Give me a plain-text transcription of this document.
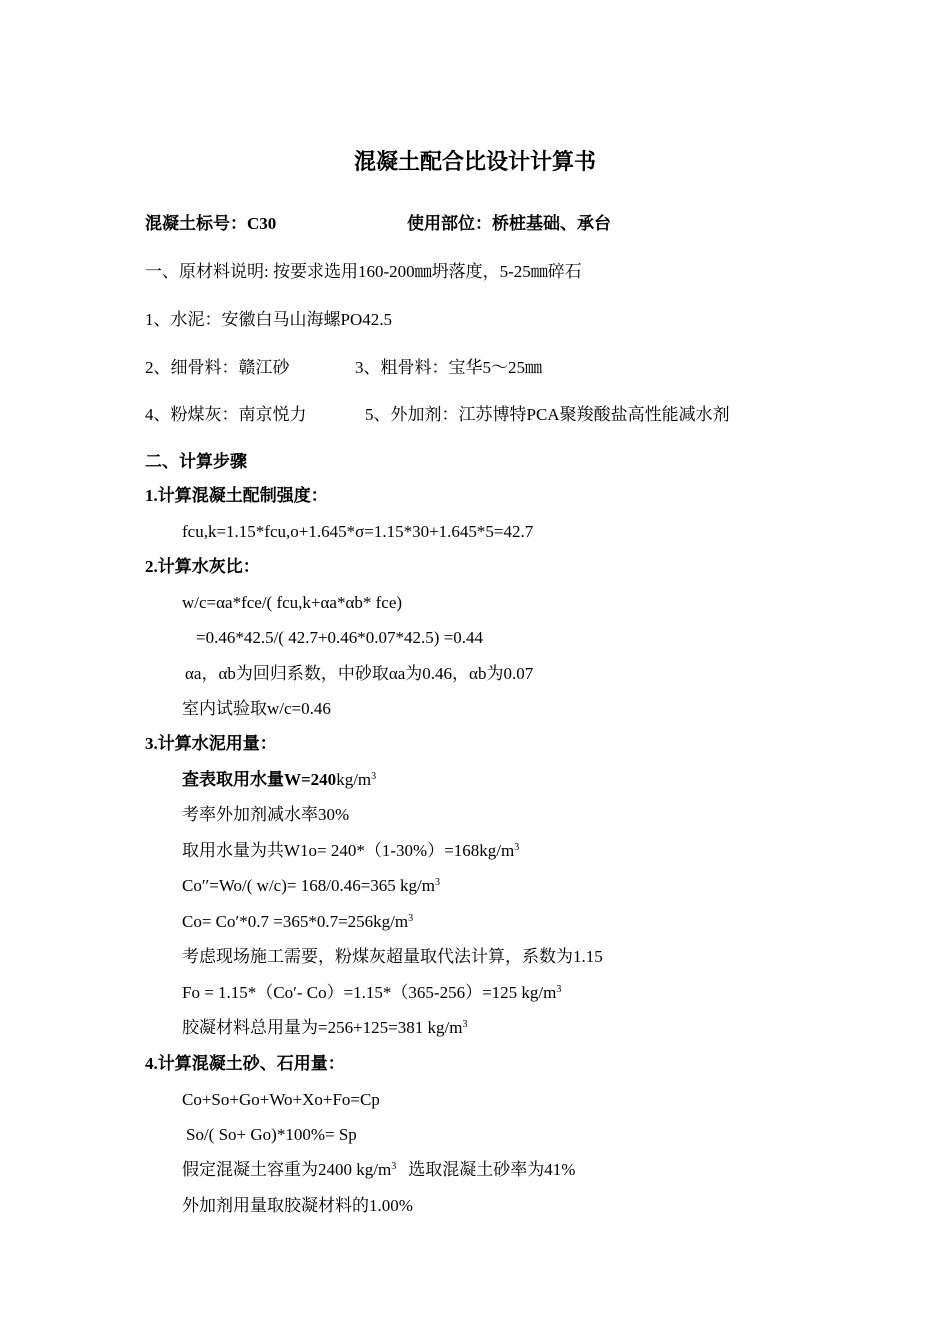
混凝土配合比设计计算书
混凝土标号：C30	使用部位：桥桩基础、承台
一、原材料说明: 按要求选用160-200㎜坍落度，5-25㎜碎石
1、水泥：安徽白马山海螺PO42.5
2、细骨料：赣江砂	3、粗骨料：宝华5～25㎜
4、粉煤灰：南京悦力	5、外加剂：江苏博特PCA聚羧酸盐高性能减水剂
二、计算步骤
1.计算混凝土配制强度：
fcu,k=1.15*fcu,o+1.645*σ=1.15*30+1.645*5=42.7
2.计算水灰比：
w/c=αa*fce/( fcu,k+αa*αb* fce)
=0.46*42.5/( 42.7+0.46*0.07*42.5) =0.44
αa，αb为回归系数，中砂取αa为0.46，αb为0.07
室内试验取w/c=0.46
3.计算水泥用量：
查表取用水量$W=240kg/m^3$
考率外加剂减水率30%
取用水量为共$W1o= 240*(1-30\%)=168kg/m^3$
Co′′=Wo/( w/c)= 168/0.46=365 $kg/m^3$
$Co= Co'*0.7 =365*0.7=256kg/m^3$
考虑现场施工需要，粉煤灰超量取代法计算，系数为1.15
Fo = 1.15*（Co′- Co）=1.15*（365-256）=125 $kg/m^3$
胶凝材料总用量为=256+125=381 $kg/m^3$
4.计算混凝土砂、石用量：
Co+So+Go+Wo+Xo+Fo=Cp
So/( So+ Go)*100%= Sp
假定混凝土容重为2400 $kg/m^3$ 选取混凝土砂率为41%
外加剂用量取胶凝材料的1.00%
